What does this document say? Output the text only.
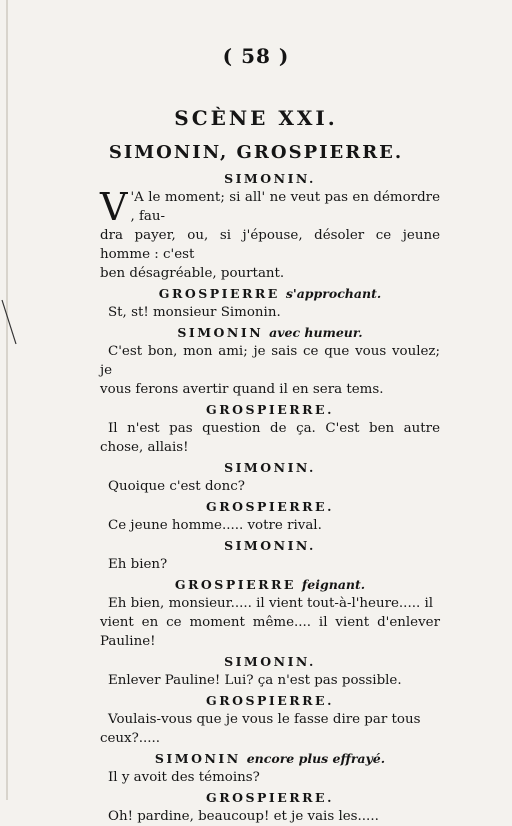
( 58 )
SCÈNE XXI.
SIMONIN, GROSPIERRE.
SIMONIN.
V 'A le moment; si all' ne veut pas en démordre , fau-
dra payer, ou, si j'épouse, désoler ce jeune homme : c'est
ben désagréable, pourtant.
GROSPIERRE s'approchant.
St, st! monsieur Simonin.
SIMONIN avec humeur.
C'est bon, mon ami; je sais ce que vous voulez; je
vous ferons avertir quand il en sera tems.
GROSPIERRE.
Il n'est pas question de ça. C'est ben autre chose, allais!
SIMONIN.
Quoique c'est donc?
GROSPIERRE.
Ce jeune homme..... votre rival.
SIMONIN.
Eh bien?
GROSPIERRE feignant.
Eh bien, monsieur..... il vient tout-à-l'heure..... il
vient en ce moment même.... il vient d'enlever Pauline!
SIMONIN.
Enlever Pauline! Lui? ça n'est pas possible.
GROSPIERRE.
Voulais-vous que je vous le fasse dire par tous
ceux?.....
SIMONIN encore plus effrayé.
Il y avoit des témoins?
GROSPIERRE.
Oh! pardine, beaucoup! et je vais les.....
